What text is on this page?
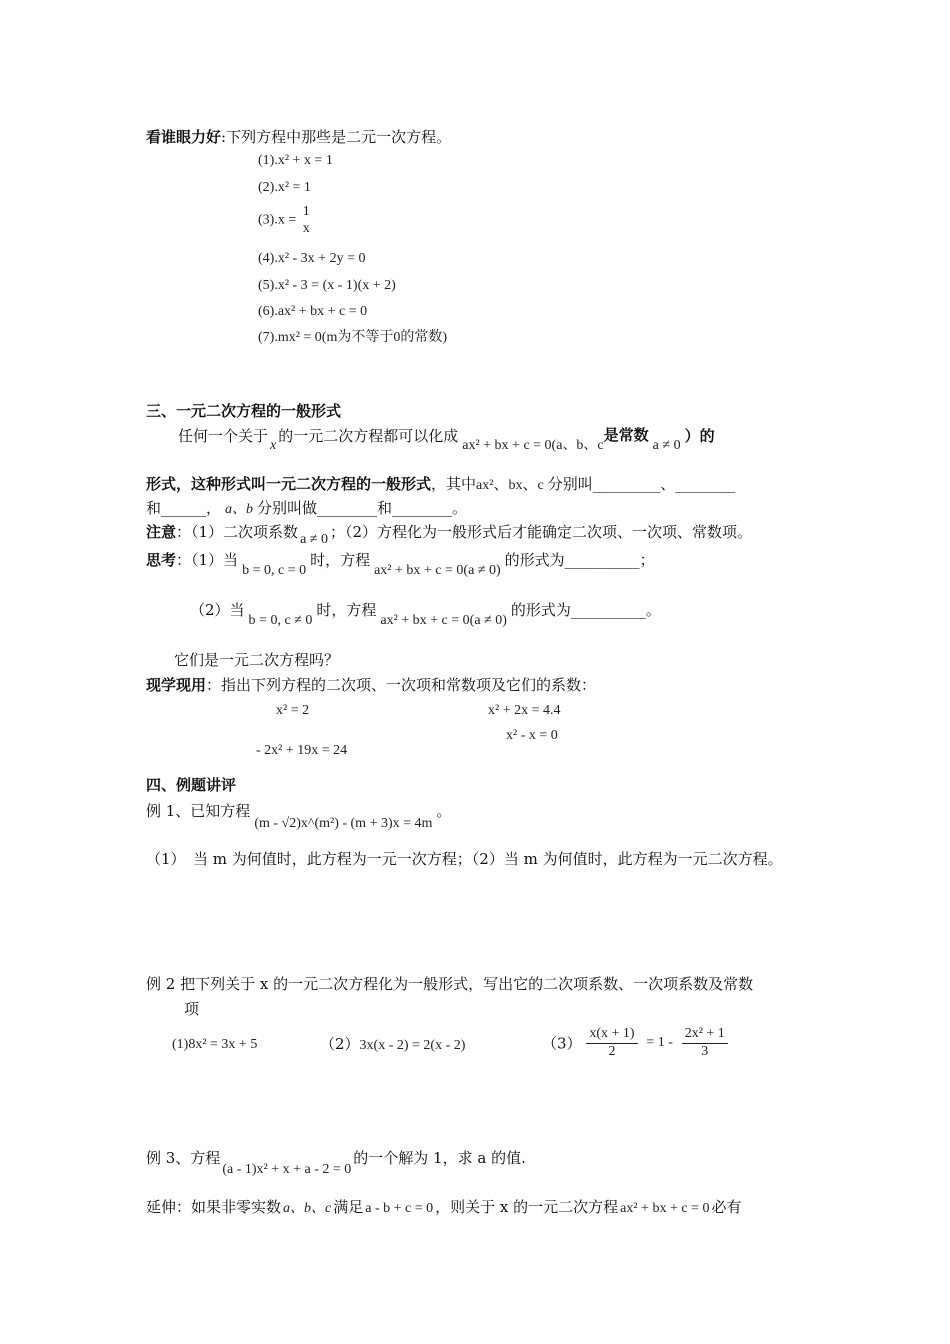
看谁眼力好:下列方程中那些是二元一次方程。
(1).x² + x = 1
(2).x² = 1
(3).x =
1
x
(4).x² - 3x + 2y = 0
(5).x² - 3 = (x - 1)(x + 2)
(6).ax² + bx + c = 0
(7).mx² = 0(m为不等于0的常数)
三、一元二次方程的一般形式
任何一个关于x的一元二次方程都可以化成ax² + bx + c = 0(a、b、c是常数a ≠ 0）的
形式，这种形式叫一元二次方程的一般形式，其中ax²、bx、c 分别叫_________、________
和______， a、b 分别叫做________和________。
注意：（1）二次项系数 a ≠ 0 ；（2）方程化为一般形式后才能确定二次项、一次项、常数项。
思考：（1）当b = 0, c = 0时，方程ax² + bx + c = 0(a ≠ 0)的形式为__________；
（2）当b = 0, c ≠ 0时，方程ax² + bx + c = 0(a ≠ 0)的形式为__________。
它们是一元二次方程吗？
现学现用：指出下列方程的二次项、一次项和常数项及它们的系数：
x² = 2	x² + 2x = 4.4
x² - x = 0
- 2x² + 19x = 24
四、例题讲评
例 1、已知方程(m - √2)x^(m²) - (m + 3)x = 4m。
（1）　当 m 为何值时，此方程为一元一次方程；（2）当 m 为何值时，此方程为一元二次方程。
例 2 把下列关于 x 的一元二次方程化为一般形式，写出它的二次项系数、一次项系数及常数
项
(1)8x² = 3x + 5	（2）3x(x - 2) = 2(x - 2)	$(3) \frac{x(x + 1)}{2} = 1 - \frac{\text{2x² + 1}}{3}$
例 3、方程(a - 1)x² + x + a - 2 = 0的一个解为 1，求 a 的值.
延伸：如果非零实数 a、b、c 满足 a - b + c = 0 ，则关于 x 的一元二次方程 ax² + bx + c = 0 必有
